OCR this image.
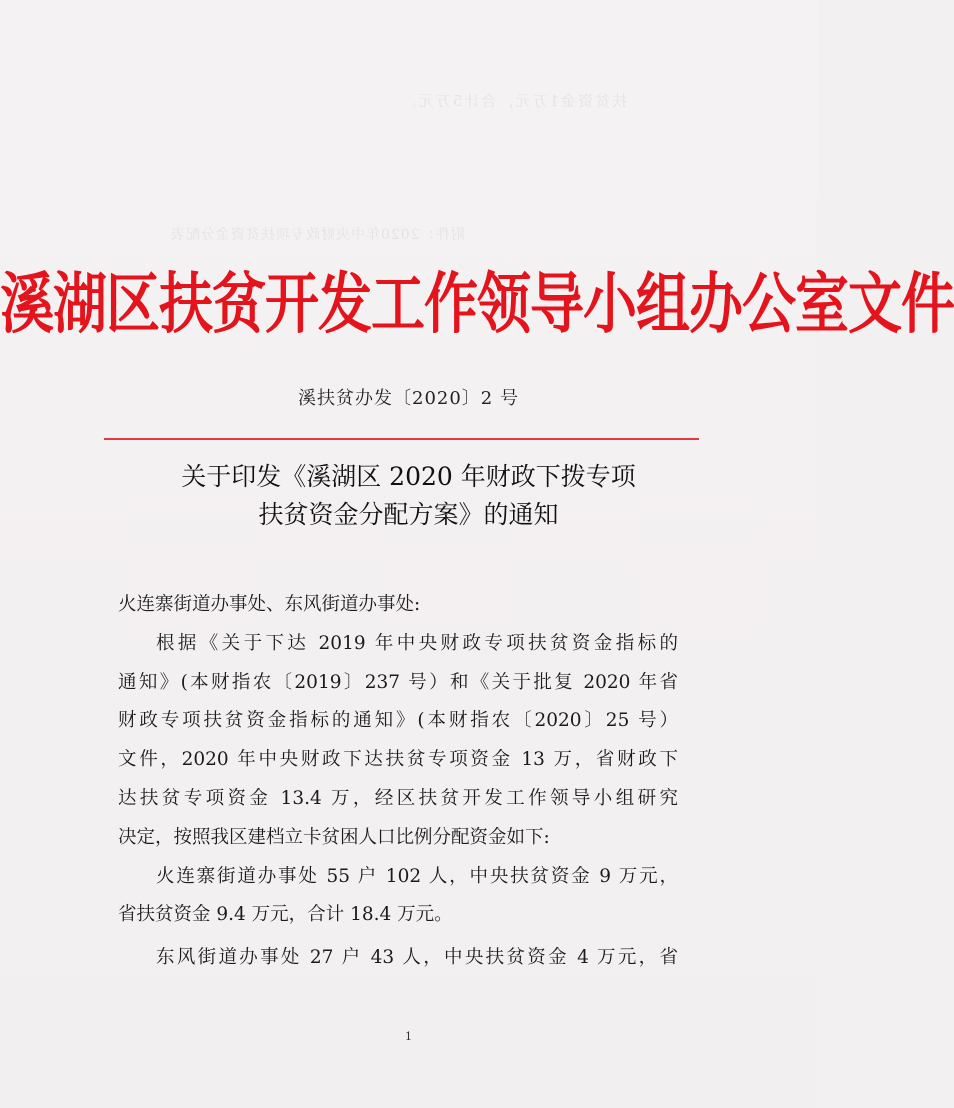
扶贫资金1万元，合计5万元。
附件：2020年中央财政专项扶贫资金分配表
溪湖区扶贫开发工作领导小组办公室文件
溪扶贫办发〔2020〕2 号
关于印发《溪湖区 2020 年财政下拨专项
扶贫资金分配方案》的通知
火连寨街道办事处、东风街道办事处:
根据《关于下达 2019 年中央财政专项扶贫资金指标的
通知》(本财指农〔2019〕237 号）和《关于批复 2020 年省
财政专项扶贫资金指标的通知》(本财指农〔2020〕25 号）
文件，2020 年中央财政下达扶贫专项资金 13 万，省财政下
达扶贫专项资金 13.4 万，经区扶贫开发工作领导小组研究
决定，按照我区建档立卡贫困人口比例分配资金如下:
火连寨街道办事处 55 户 102 人，中央扶贫资金 9 万元，
省扶贫资金 9.4 万元，合计 18.4 万元。
东风街道办事处 27 户 43 人，中央扶贫资金 4 万元，省
1
